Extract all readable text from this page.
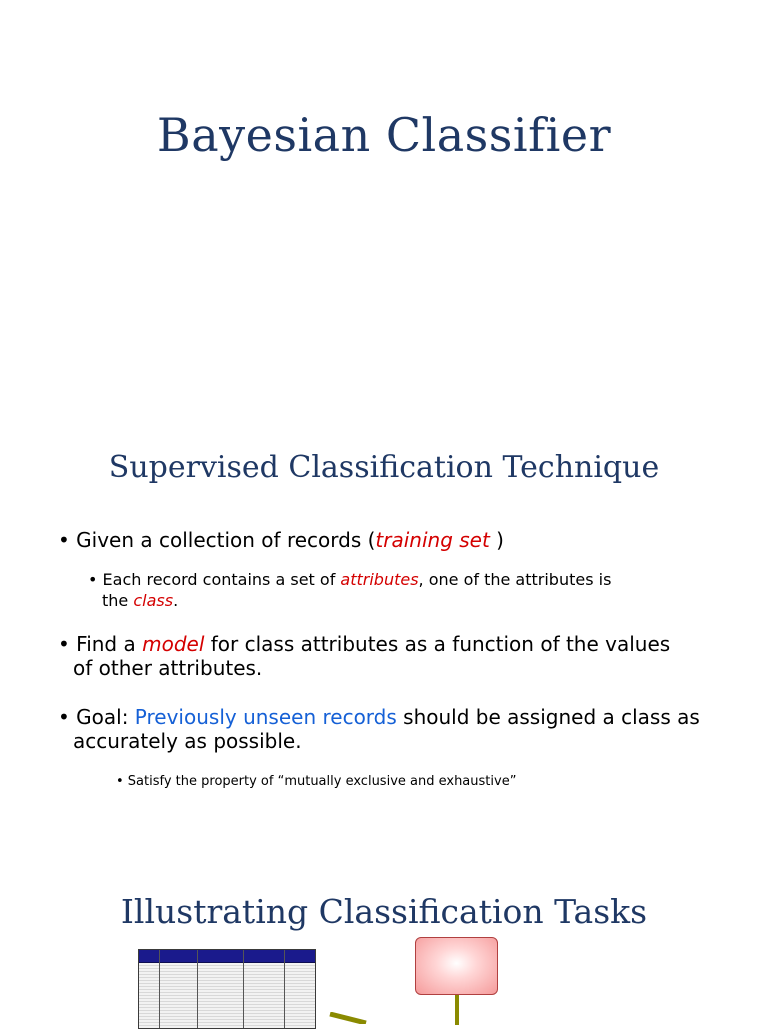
Bayesian Classifier
Supervised Classification Technique

• Given a collection of records (training set )

• Each record contains a set of attributes, one of the attributes is

the class.

• Find a model for class attributes as a function of the values

of other attributes.

• Goal: Previously unseen records should be assigned a class as

accurately as possible.

• Satisfy the property of “mutually exclusive and exhaustive”

Illustrating Classification Tasks
